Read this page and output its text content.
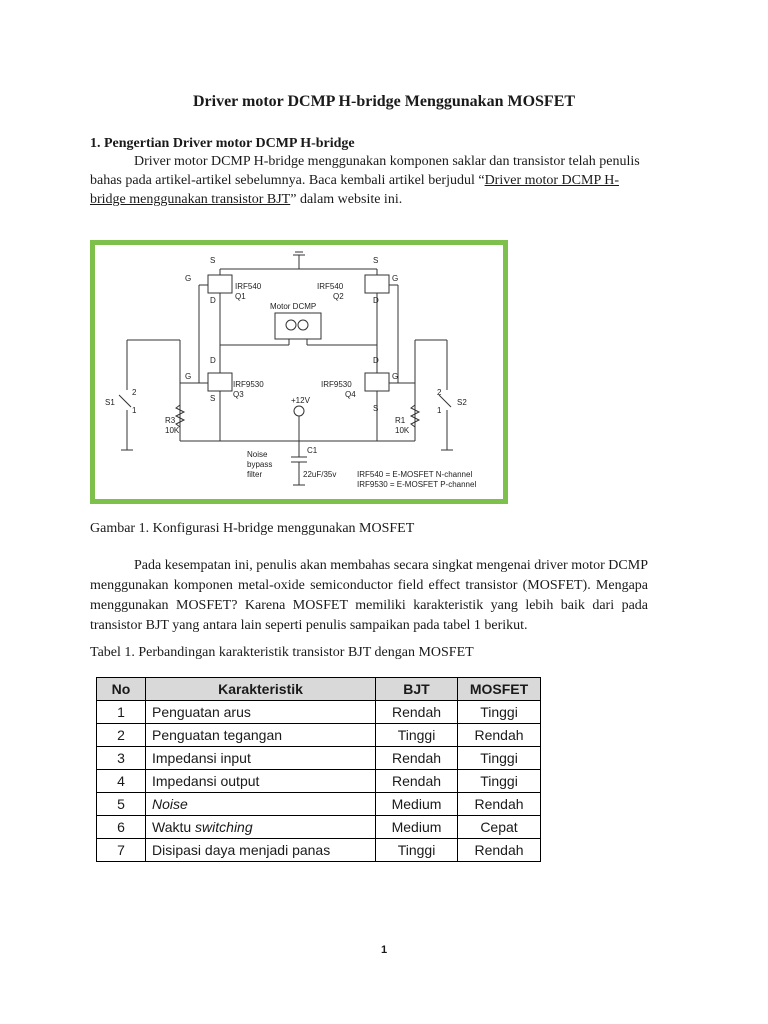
Driver motor DCMP H-bridge Menggunakan MOSFET
1. Pengertian Driver motor DCMP H-bridge
Driver motor DCMP H-bridge menggunakan komponen saklar dan transistor telah penulis bahas pada artikel-artikel sebelumnya. Baca kembali artikel berjudul “Driver motor DCMP H-bridge menggunakan transistor BJT” dalam website ini.
S
G
D
IRF540
Q1
S
G
D
IRF540
Q2
Motor DCMP
D
G
S
IRF9530
Q3
D
G
S
IRF9530
Q4
+12V
S1
2
1
R3
10K
S2
2
1
R1
10K
C1
22uF/35v
Noise
bypass
filter	IRF540 = E-MOSFET N-channel
IRF9530 = E-MOSFET P-channel
Gambar 1. Konfigurasi H-bridge menggunakan MOSFET
Pada kesempatan ini, penulis akan membahas secara singkat mengenai driver motor DCMP menggunakan komponen metal-oxide semiconductor field effect transistor (MOSFET). Mengapa menggunakan MOSFET? Karena MOSFET memiliki karakteristik yang lebih baik dari pada transistor BJT yang antara lain seperti penulis sampaikan pada tabel 1 berikut.
Tabel 1. Perbandingan karakteristik transistor BJT dengan MOSFET
No	Karakteristik	BJT	MOSFET
1	Penguatan arus	Rendah	Tinggi
2	Penguatan tegangan	Tinggi	Rendah
3	Impedansi input	Rendah	Tinggi
4	Impedansi output	Rendah	Tinggi
5	Noise	Medium	Rendah
6	Waktu switching	Medium	Cepat
7	Disipasi daya menjadi panas	Tinggi	Rendah
1
